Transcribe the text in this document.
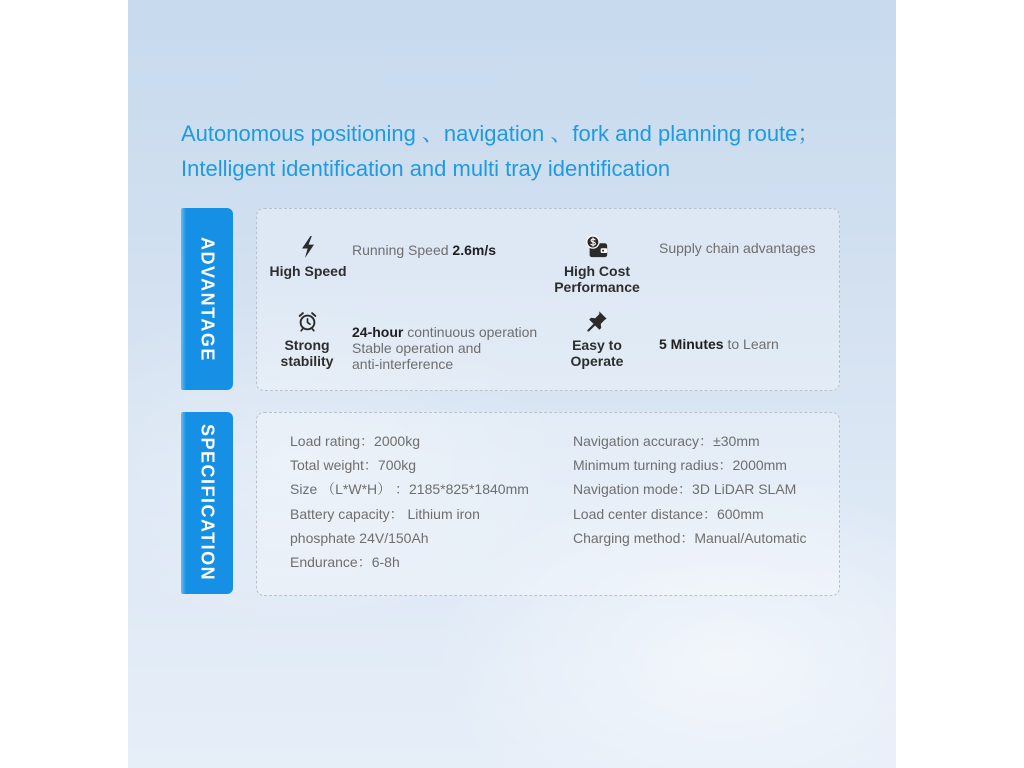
Autonomous positioning 、navigation 、fork and planning route；
Intelligent identification and multi tray identification
ADVANTAGE	High Speed
Running Speed 2.6m/s
High Cost
Performance
Supply chain advantages
Strong
stability
24-hour continuous operation
Stable operation and
anti-interference
Easy to
Operate
5 Minutes to Learn
SPECIFICATION	Load rating：2000kg
Total weight：700kg
Size （L*W*H） ：2185*825*1840mm
Battery capacity： Lithium iron
phosphate 24V/150Ah
Endurance：6-8h
Navigation accuracy：±30mm
Minimum turning radius：2000mm
Navigation mode：3D LiDAR SLAM
Load center distance：600mm
Charging method：Manual/Automatic
